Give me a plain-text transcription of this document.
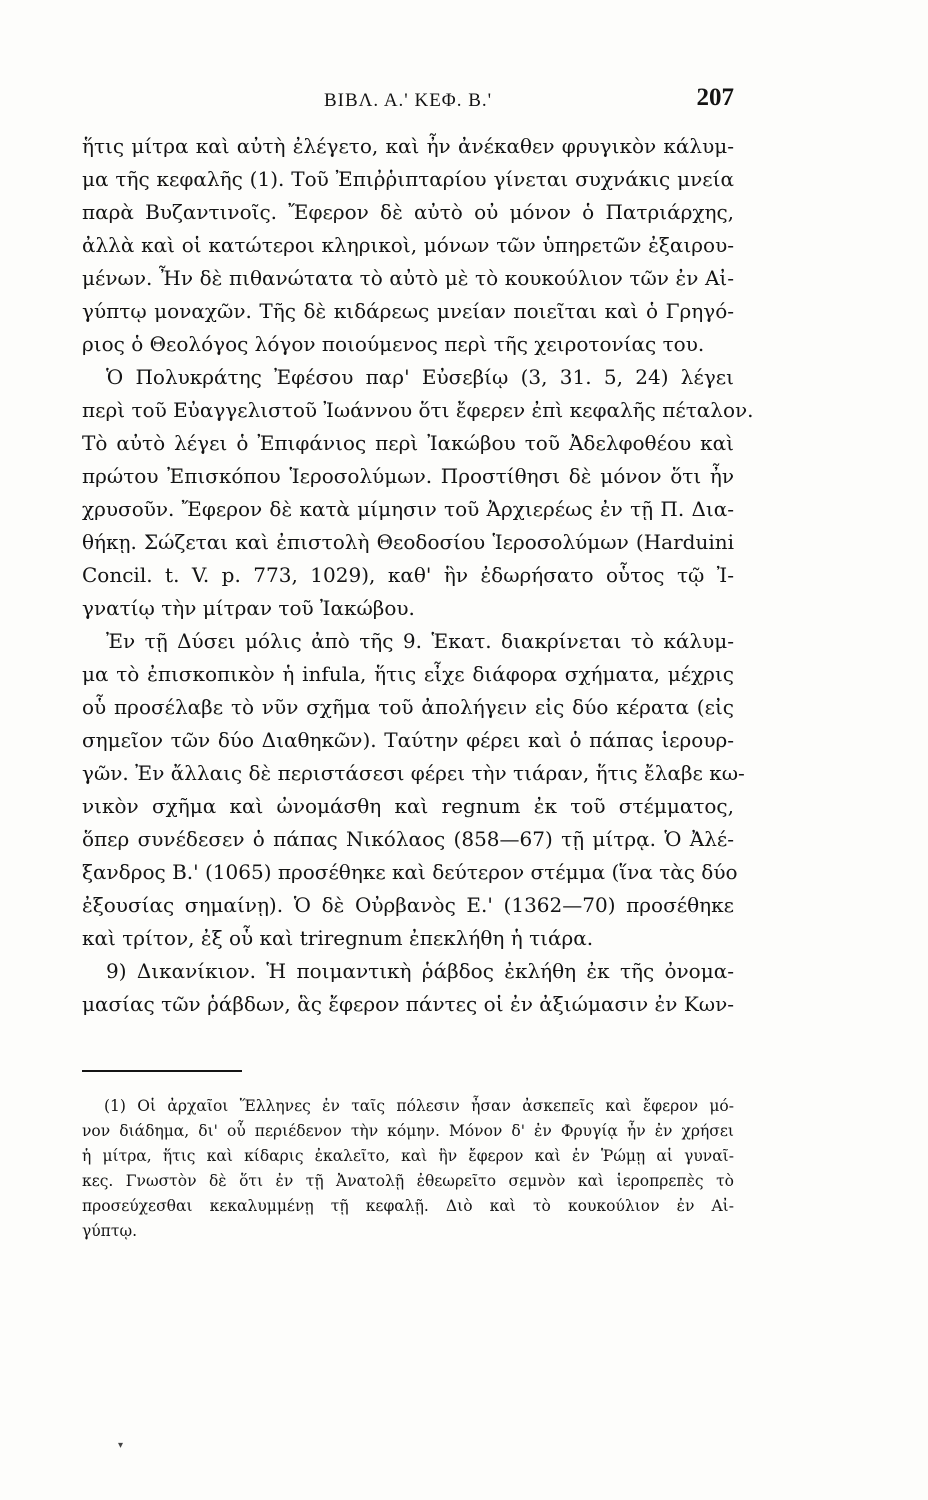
ΒΙΒΛ. Α.' ΚΕΦ. Β.'	207
ἥτις μίτρα καὶ αὐτὴ ἐλέγετο, καὶ ἦν ἀνέκαθεν φρυγικὸν κάλυμ-
μα τῆς κεφαλῆς (1). Τοῦ Ἐπιῤῥιπταρίου γίνεται συχνάκις μνεία
παρὰ Βυζαντινοῖς. Ἔφερον δὲ αὐτὸ οὐ μόνον ὁ Πατριάρχης,
ἀλλὰ καὶ οἱ κατώτεροι κληρικοὶ, μόνων τῶν ὑπηρετῶν ἐξαιρου-
μένων. Ἦν δὲ πιθανώτατα τὸ αὐτὸ μὲ τὸ κουκούλιον τῶν ἐν Αἰ-
γύπτῳ μοναχῶν. Τῆς δὲ κιδάρεως μνείαν ποιεῖται καὶ ὁ Γρηγό-
ριος ὁ Θεολόγος λόγον ποιούμενος περὶ τῆς χειροτονίας του.
Ὁ Πολυκράτης Ἐφέσου παρ' Εὐσεβίῳ (3, 31. 5, 24) λέγει
περὶ τοῦ Εὐαγγελιστοῦ Ἰωάννου ὅτι ἔφερεν ἐπὶ κεφαλῆς πέταλον.
Τὸ αὐτὸ λέγει ὁ Ἐπιφάνιος περὶ Ἰακώβου τοῦ Ἀδελφοθέου καὶ
πρώτου Ἐπισκόπου Ἱεροσολύμων. Προστίθησι δὲ μόνον ὅτι ἦν
χρυσοῦν. Ἔφερον δὲ κατὰ μίμησιν τοῦ Ἀρχιερέως ἐν τῇ Π. Δια-
θήκῃ. Σώζεται καὶ ἐπιστολὴ Θεοδοσίου Ἱεροσολύμων (Harduini
Concil. t. V. p. 773, 1029), καθ' ἣν ἐδωρήσατο οὗτος τῷ Ἰ-
γνατίῳ τὴν μίτραν τοῦ Ἰακώβου.
Ἐν τῇ Δύσει μόλις ἀπὸ τῆς 9. Ἑκατ. διακρίνεται τὸ κάλυμ-
μα τὸ ἐπισκοπικὸν ἡ infula, ἥτις εἶχε διάφορα σχήματα, μέχρις
οὗ προσέλαβε τὸ νῦν σχῆμα τοῦ ἀπολήγειν εἰς δύο κέρατα (εἰς
σημεῖον τῶν δύο Διαθηκῶν). Ταύτην φέρει καὶ ὁ πάπας ἱερουρ-
γῶν. Ἐν ἄλλαις δὲ περιστάσεσι φέρει τὴν τιάραν, ἥτις ἔλαβε κω-
νικὸν σχῆμα καὶ ὠνομάσθη καὶ regnum ἐκ τοῦ στέμματος,
ὅπερ συνέδεσεν ὁ πάπας Νικόλαος (858—67) τῇ μίτρᾳ. Ὁ Ἀλέ-
ξανδρος Β.' (1065) προσέθηκε καὶ δεύτερον στέμμα (ἵνα τὰς δύο
ἐξουσίας σημαίνῃ). Ὁ δὲ Οὐρβανὸς Ε.' (1362—70) προσέθηκε
καὶ τρίτον, ἐξ οὗ καὶ triregnum ἐπεκλήθη ἡ τιάρα.
9) Δικανίκιον. Ἡ ποιμαντικὴ ῥάβδος ἐκλήθη ἐκ τῆς ὀνομα-
μασίας τῶν ῥάβδων, ἃς ἔφερον πάντες οἱ ἐν ἀξιώμασιν ἐν Κων-
(1) Οἱ ἀρχαῖοι Ἕλληνες ἐν ταῖς πόλεσιν ἦσαν ἀσκεπεῖς καὶ ἔφερον μό-
νον διάδημα, δι' οὗ περιέδενον τὴν κόμην. Μόνον δ' ἐν Φρυγίᾳ ἦν ἐν χρήσει
ἡ μίτρα, ἥτις καὶ κίδαρις ἐκαλεῖτο, καὶ ἣν ἔφερον καὶ ἐν Ῥώμῃ αἱ γυναῖ-
κες. Γνωστὸν δὲ ὅτι ἐν τῇ Ἀνατολῇ ἐθεωρεῖτο σεμνὸν καὶ ἱεροπρεπὲς τὸ
προσεύχεσθαι κεκαλυμμένῃ τῇ κεφαλῇ. Διὸ καὶ τὸ κουκούλιον ἐν Αἰ-
γύπτῳ.
▾
